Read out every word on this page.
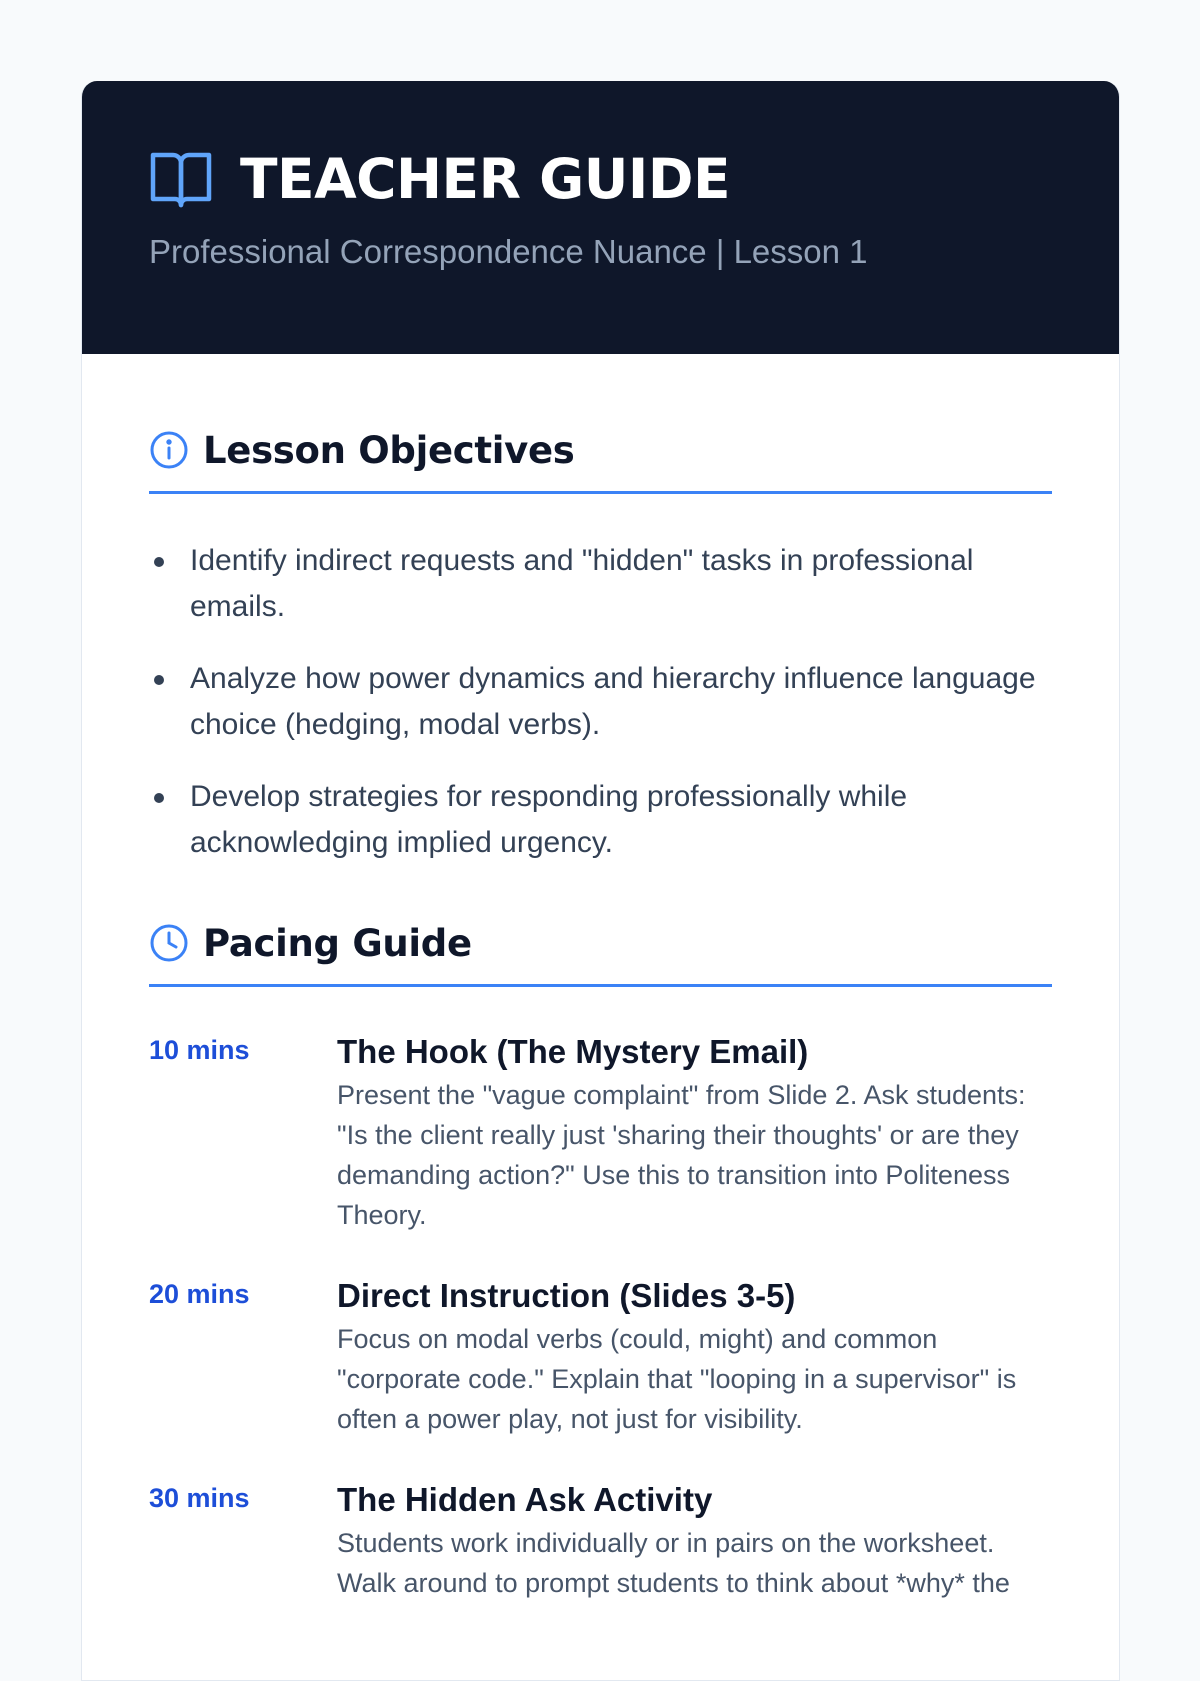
TEACHER GUIDE
Professional Correspondence Nuance | Lesson 1
Lesson Objectives
Identify indirect requests and "hidden" tasks in professional emails.
Analyze how power dynamics and hierarchy influence language choice (hedging, modal verbs).
Develop strategies for responding professionally while acknowledging implied urgency.
Pacing Guide
10 mins	The Hook (The Mystery Email)
Present the "vague complaint" from Slide 2. Ask students: "Is the client really just 'sharing their thoughts' or are they demanding action?" Use this to transition into Politeness Theory.
20 mins	Direct Instruction (Slides 3-5)
Focus on modal verbs (could, might) and common "corporate code." Explain that "looping in a supervisor" is often a power play, not just for visibility.
30 mins	The Hidden Ask Activity
Students work individually or in pairs on the worksheet. Walk around to prompt students to think about *why* the
